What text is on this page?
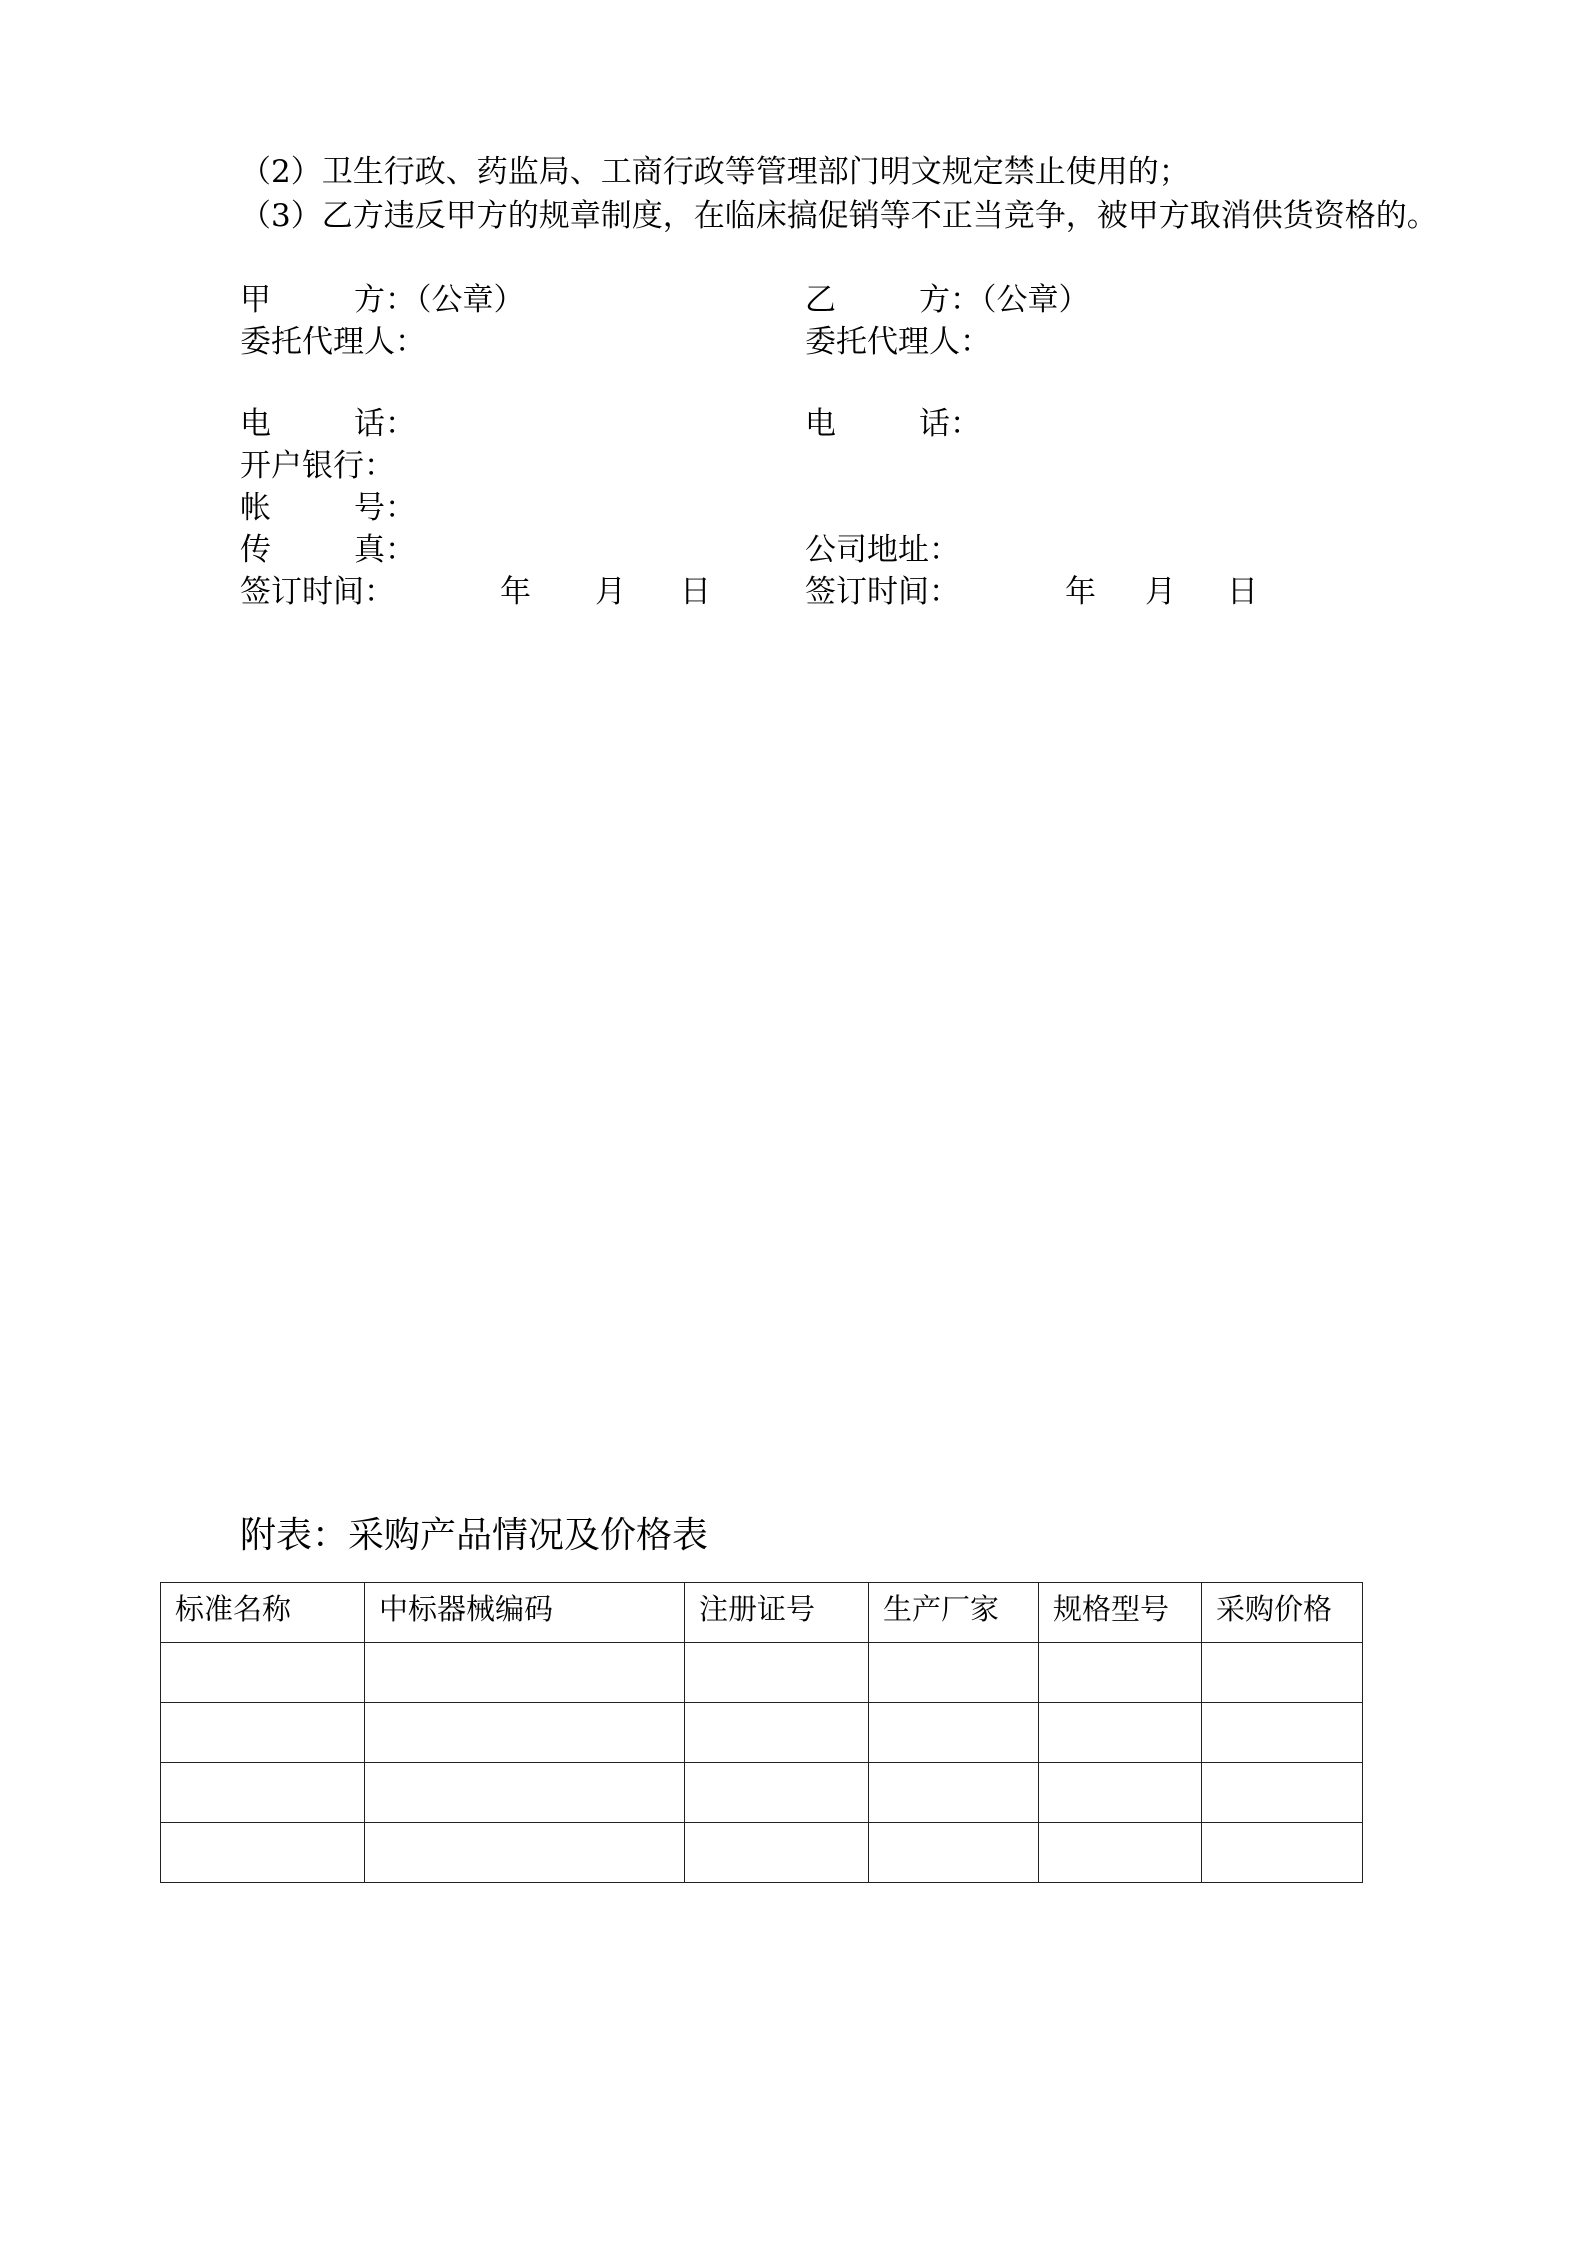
（2）卫生行政、药监局、工商行政等管理部门明文规定禁止使用的；
（3）乙方违反甲方的规章制度，在临床搞促销等不正当竞争，被甲方取消供货资格的。
甲	方 ：（公章）
委托代理人：
电	话 ：
开户银行：
帐	号 ：
传	真 ：
签订时间：	年 月 日
乙	方 ：（公章）
委托代理人：
电	话 ：
公司地址：
签订时间：	年 月 日
附表：采购产品情况及价格表
标准名称	中标器械编码	注册证号	生产厂家	规格型号	采购价格
